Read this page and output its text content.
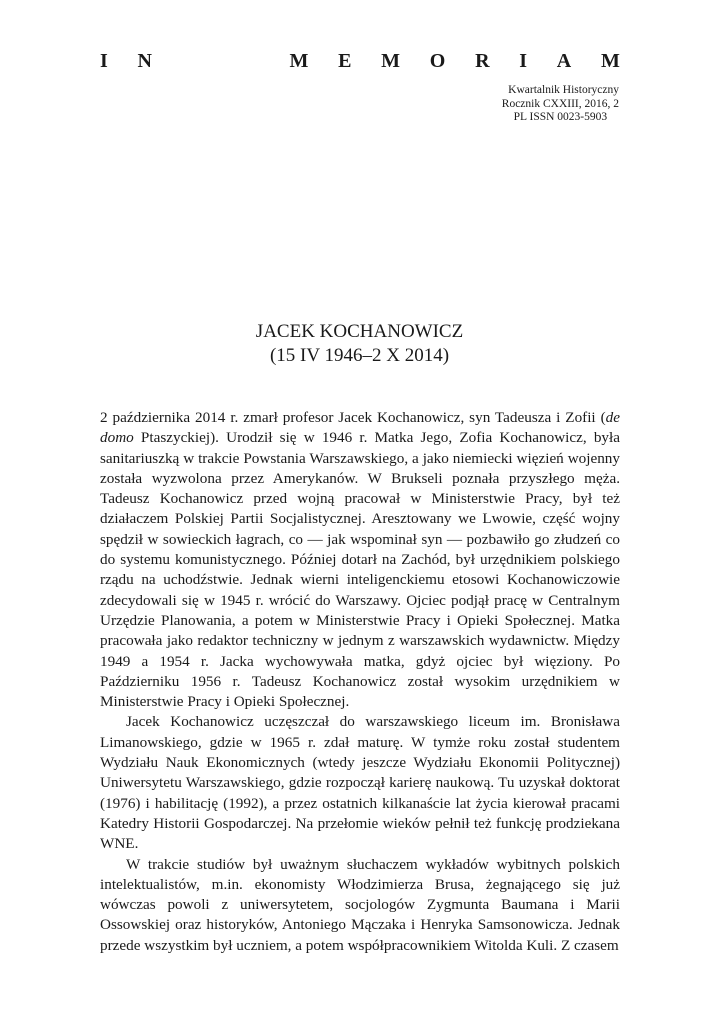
I N	M E M O R I A M
Kwartalnik Historyczny
Rocznik CXXIII, 2016, 2
PL ISSN 0023-5903
JACEK KOCHANOWICZ
(15 IV 1946–2 X 2014)

2 października 2014 r. zmarł profesor Jacek Kochanowicz, syn Tadeusza i Zofii (de domo Ptaszyckiej). Urodził się w 1946 r. Matka Jego, Zofia Kochanowicz, była sanitariuszką w trakcie Powstania Warszawskiego, a jako niemiecki więzień wojenny została wyzwolona przez Amerykanów. W Brukseli poznała przyszłego męża. Tadeusz Kochanowicz przed wojną pracował w Ministerstwie Pracy, był też działaczem Polskiej Partii Socjalistycznej. Aresztowany we Lwowie, część wojny spędził w sowieckich łagrach, co — jak wspominał syn — pozbawiło go złudzeń co do systemu komunistycznego. Później dotarł na Zachód, był urzędnikiem polskiego rządu na uchodźstwie. Jednak wierni inteligenckiemu etosowi Kochanowiczowie zdecydowali się w 1945 r. wrócić do Warszawy. Ojciec podjął pracę w Centralnym Urzędzie Planowania, a potem w Ministerstwie Pracy i Opieki Społecznej. Matka pracowała jako redaktor techniczny w jednym z warszawskich wydawnictw. Między 1949 a 1954 r. Jacka wychowywała matka, gdyż ojciec był więziony. Po Październiku 1956 r. Tadeusz Kochanowicz został wysokim urzędnikiem w Ministerstwie Pracy i Opieki Społecznej.

Jacek Kochanowicz uczęszczał do warszawskiego liceum im. Bronisława Limanowskiego, gdzie w 1965 r. zdał maturę. W tymże roku został studentem Wydziału Nauk Ekonomicznych (wtedy jeszcze Wydziału Ekonomii Politycznej) Uniwersytetu Warszawskiego, gdzie rozpoczął karierę naukową. Tu uzyskał doktorat (1976) i habilitację (1992), a przez ostatnich kilkanaście lat życia kierował pracami Katedry Historii Gospodarczej. Na przełomie wieków pełnił też funkcję prodziekana WNE.

W trakcie studiów był uważnym słuchaczem wykładów wybitnych polskich intelektualistów, m.in. ekonomisty Włodzimierza Brusa, żegnającego się już wówczas powoli z uniwersytetem, socjologów Zygmunta Baumana i Marii Ossowskiej oraz historyków, Antoniego Mączaka i Henryka Samsonowicza. Jednak przede wszystkim był uczniem, a potem współpracownikiem Witolda Kuli. Z czasem
